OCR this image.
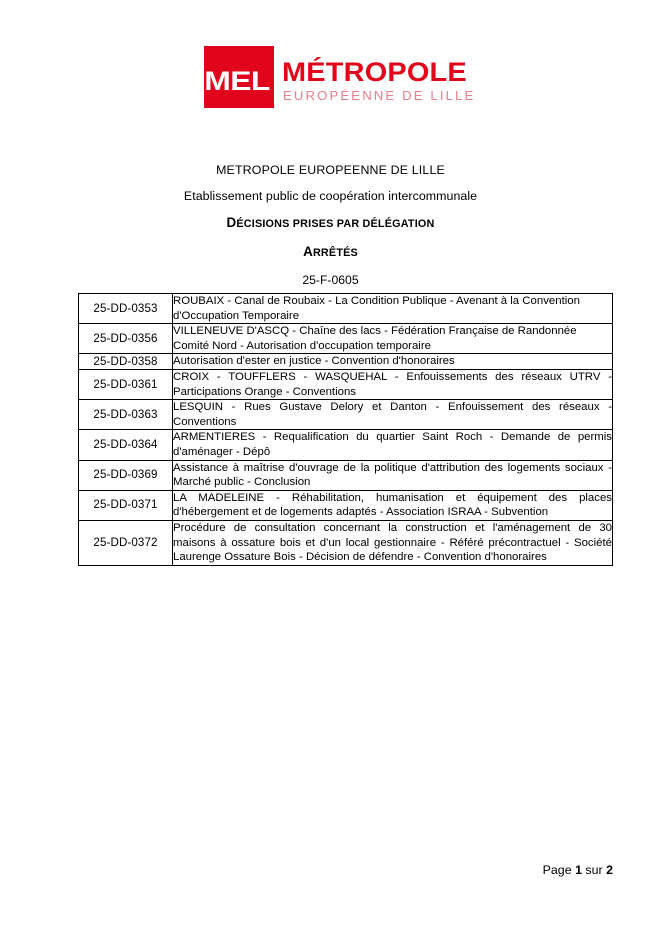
MEL MÉTROPOLE
EUROPÉENNE DE LILLE
METROPOLE EUROPEENNE DE LILLE
Etablissement public de coopération intercommunale
DÉCISIONS PRISES PAR DÉLÉGATION
ARRÊTÉS
25-F-0605
25-DD-0353	ROUBAIX - Canal de Roubaix - La Condition Publique - Avenant à la Convention d'Occupation Temporaire
25-DD-0356	VILLENEUVE D'ASCQ - Chaîne des lacs - Fédération Française de Randonnée Comité Nord - Autorisation d'occupation temporaire
25-DD-0358	Autorisation d'ester en justice - Convention d'honoraires
25-DD-0361	CROIX - TOUFFLERS - WASQUEHAL - Enfouissements des réseaux UTRV - Participations Orange - Conventions
25-DD-0363	LESQUIN - Rues Gustave Delory et Danton - Enfouissement des réseaux - Conventions
25-DD-0364	ARMENTIERES - Requalification du quartier Saint Roch - Demande de permis d'aménager - Dépô
25-DD-0369	Assistance à maîtrise d'ouvrage de la politique d'attribution des logements sociaux - Marché public - Conclusion
25-DD-0371	LA MADELEINE - Réhabilitation, humanisation et équipement des places d'hébergement et de logements adaptés - Association ISRAA - Subvention
25-DD-0372	Procédure de consultation concernant la construction et l'aménagement de 30 maisons à ossature bois et d'un local gestionnaire - Référé précontractuel - Société Laurenge Ossature Bois - Décision de défendre - Convention d'honoraires
Page 1 sur 2
